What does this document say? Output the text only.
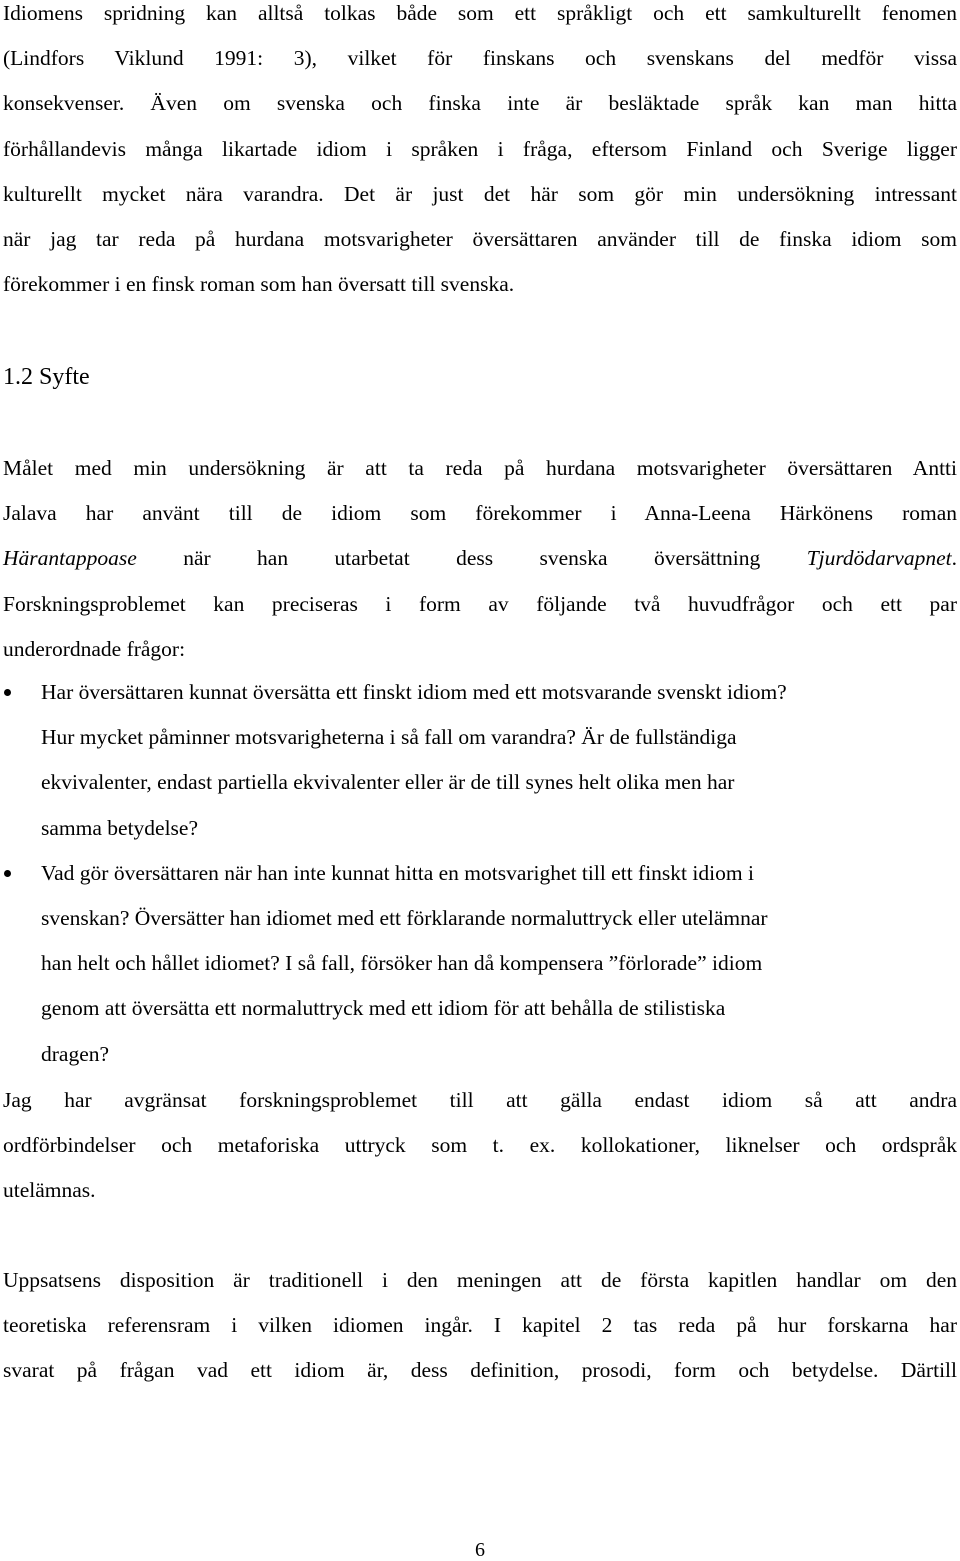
Idiomens spridning kan alltså tolkas både som ett språkligt och ett samkulturellt fenomen
(Lindfors Viklund 1991: 3), vilket för finskans och svenskans del medför vissa
konsekvenser. Även om svenska och finska inte är besläktade språk kan man hitta
förhållandevis många likartade idiom i språken i fråga, eftersom Finland och Sverige ligger
kulturellt mycket nära varandra. Det är just det här som gör min undersökning intressant
när jag tar reda på hurdana motsvarigheter översättaren använder till de finska idiom som
förekommer i en finsk roman som han översatt till svenska.
1.2 Syfte
Målet med min undersökning är att ta reda på hurdana motsvarigheter översättaren Antti
Jalava har använt till de idiom som förekommer i Anna-Leena Härkönens roman
Härantappoase när han utarbetat dess svenska översättning Tjurdödarvapnet.
Forskningsproblemet kan preciseras i form av följande två huvudfrågor och ett par
underordnade frågor:
Har översättaren kunnat översätta ett finskt idiom med ett motsvarande svenskt idiom?
Hur mycket påminner motsvarigheterna i så fall om varandra? Är de fullständiga
ekvivalenter, endast partiella ekvivalenter eller är de till synes helt olika men har
samma betydelse?
Vad gör översättaren när han inte kunnat hitta en motsvarighet till ett finskt idiom i
svenskan? Översätter han idiomet med ett förklarande normaluttryck eller utelämnar
han helt och hållet idiomet? I så fall, försöker han då kompensera ”förlorade” idiom
genom att översätta ett normaluttryck med ett idiom för att behålla de stilistiska
dragen?
Jag har avgränsat forskningsproblemet till att gälla endast idiom så att andra
ordförbindelser och metaforiska uttryck som t. ex. kollokationer, liknelser och ordspråk
utelämnas.
Uppsatsens disposition är traditionell i den meningen att de första kapitlen handlar om den
teoretiska referensram i vilken idiomen ingår. I kapitel 2 tas reda på hur forskarna har
svarat på frågan vad ett idiom är, dess definition, prosodi, form och betydelse. Därtill
6
